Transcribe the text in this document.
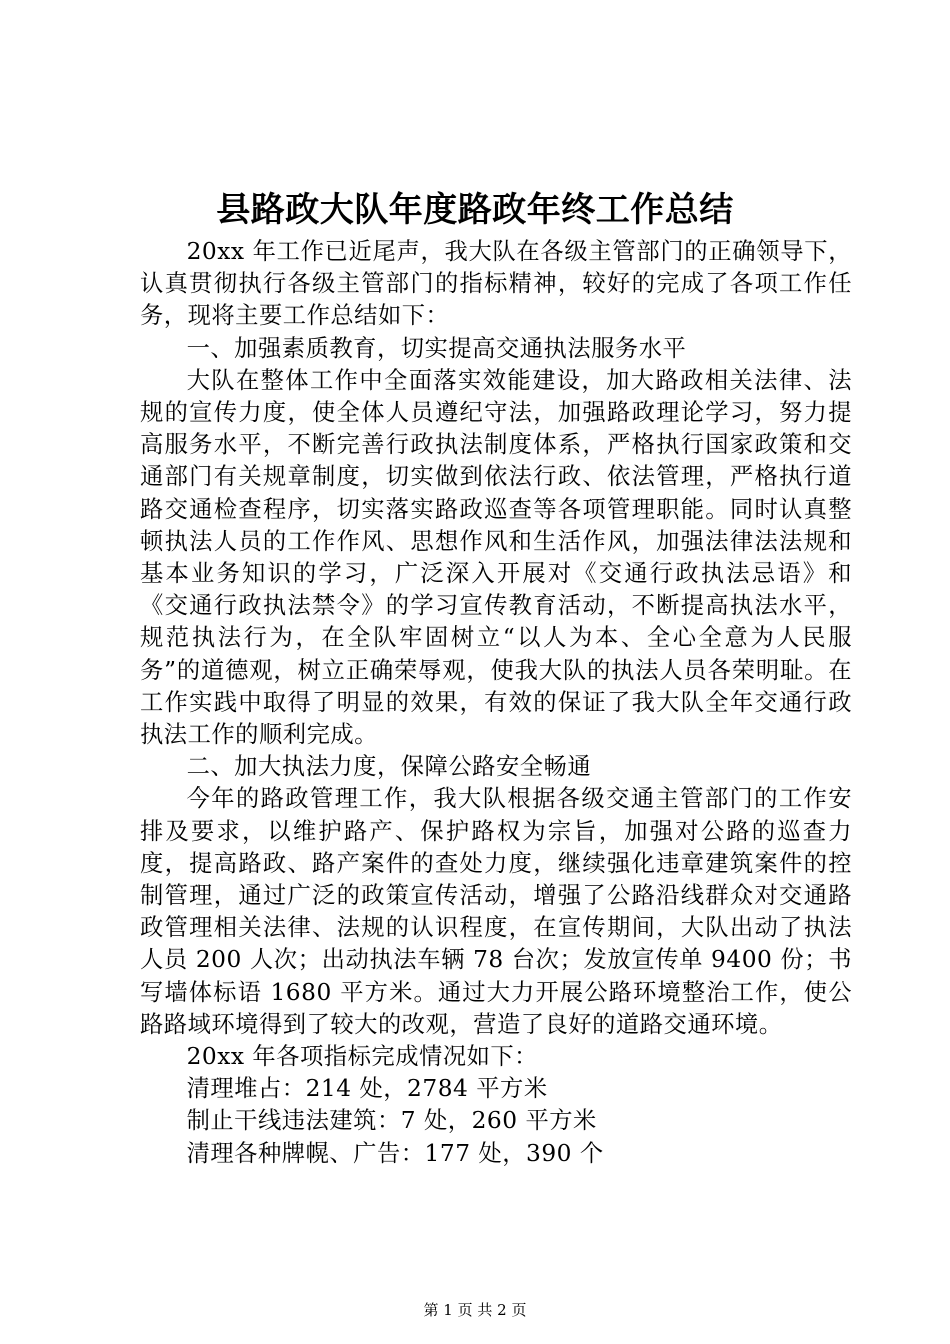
县路政大队年度路政年终工作总结

20xx 年工作已近尾声，我大队在各级主管部门的正确领导下，认真贯彻执行各级主管部门的指标精神，较好的完成了各项工作任务，现将主要工作总结如下：

一、加强素质教育，切实提高交通执法服务水平

大队在整体工作中全面落实效能建设，加大路政相关法律、法规的宣传力度，使全体人员遵纪守法，加强路政理论学习，努力提高服务水平，不断完善行政执法制度体系，严格执行国家政策和交通部门有关规章制度，切实做到依法行政、依法管理，严格执行道路交通检查程序，切实落实路政巡查等各项管理职能。同时认真整顿执法人员的工作作风、思想作风和生活作风，加强法律法法规和基本业务知识的学习，广泛深入开展对《交通行政执法忌语》和《交通行政执法禁令》的学习宣传教育活动，不断提高执法水平，规范执法行为，在全队牢固树立“以人为本、全心全意为人民服务”的道德观，树立正确荣辱观，使我大队的执法人员各荣明耻。在工作实践中取得了明显的效果，有效的保证了我大队全年交通行政执法工作的顺利完成。

二、加大执法力度，保障公路安全畅通

今年的路政管理工作，我大队根据各级交通主管部门的工作安排及要求，以维护路产、保护路权为宗旨，加强对公路的巡查力度，提高路政、路产案件的查处力度，继续强化违章建筑案件的控制管理，通过广泛的政策宣传活动，增强了公路沿线群众对交通路政管理相关法律、法规的认识程度，在宣传期间，大队出动了执法人员 200 人次；出动执法车辆 78 台次；发放宣传单 9400 份；书写墙体标语 1680 平方米。通过大力开展公路环境整治工作，使公路路域环境得到了较大的改观，营造了良好的道路交通环境。

20xx 年各项指标完成情况如下：

清理堆占：214 处，2784 平方米

制止干线违法建筑：7 处，260 平方米

清理各种牌幌、广告：177 处，390 个

第 1 页 共 2 页
